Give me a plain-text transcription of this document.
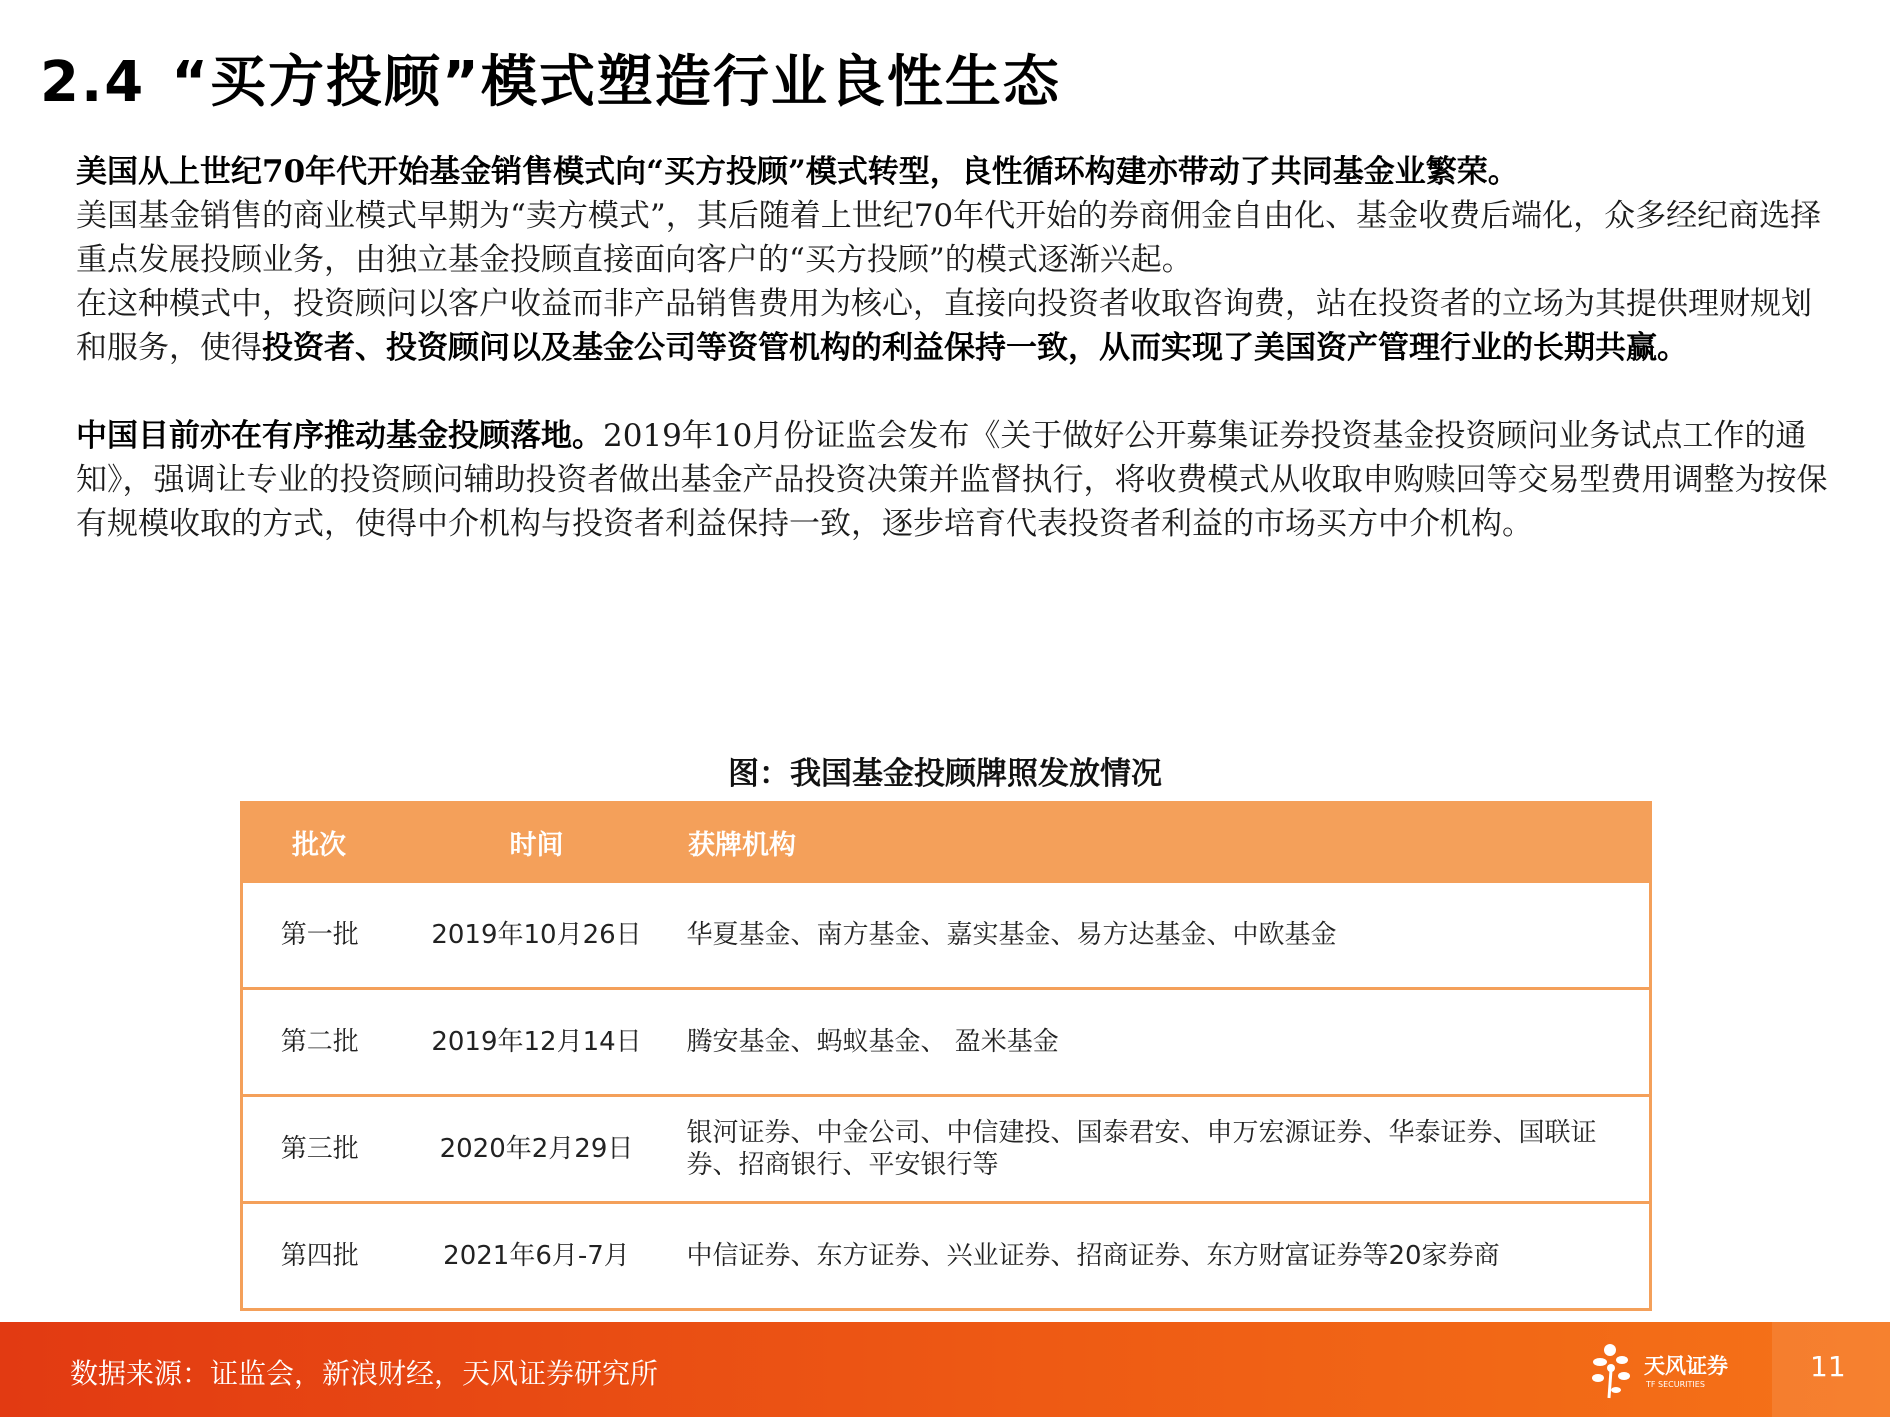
2.4 “买方投顾”模式塑造行业良性生态

美国从上世纪70年代开始基金销售模式向“买方投顾”模式转型，良性循环构建亦带动了共同基金业繁荣。

美国基金销售的商业模式早期为“卖方模式”，其后随着上世纪70年代开始的券商佣金自由化、基金收费后端化，众多经纪商选择重点发展投顾业务，由独立基金投顾直接面向客户的“买方投顾”的模式逐渐兴起。

在这种模式中，投资顾问以客户收益而非产品销售费用为核心，直接向投资者收取咨询费，站在投资者的立场为其提供理财规划和服务，使得投资者、投资顾问以及基金公司等资管机构的利益保持一致，从而实现了美国资产管理行业的长期共赢。

中国目前亦在有序推动基金投顾落地。2019年10月份证监会发布《关于做好公开募集证券投资基金投资顾问业务试点工作的通知》，强调让专业的投资顾问辅助投资者做出基金产品投资决策并监督执行，将收费模式从收取申购赎回等交易型费用调整为按保有规模收取的方式，使得中介机构与投资者利益保持一致，逐步培育代表投资者利益的市场买方中介机构。

图：我国基金投顾牌照发放情况
批次	时间	获牌机构
第一批	2019年10月26日	华夏基金、南方基金、嘉实基金、易方达基金、中欧基金
第二批	2019年12月14日	腾安基金、蚂蚁基金、 盈米基金
第三批	2020年2月29日	银河证券、中金公司、中信建投、国泰君安、申万宏源证券、华泰证券、国联证券、招商银行、平安银行等
第四批	2021年6月-7月	中信证券、东方证券、兴业证券、招商证券、东方财富证券等20家券商
数据来源：证监会，新浪财经，天风证券研究所	天风证券
TF SECURITIES
11
